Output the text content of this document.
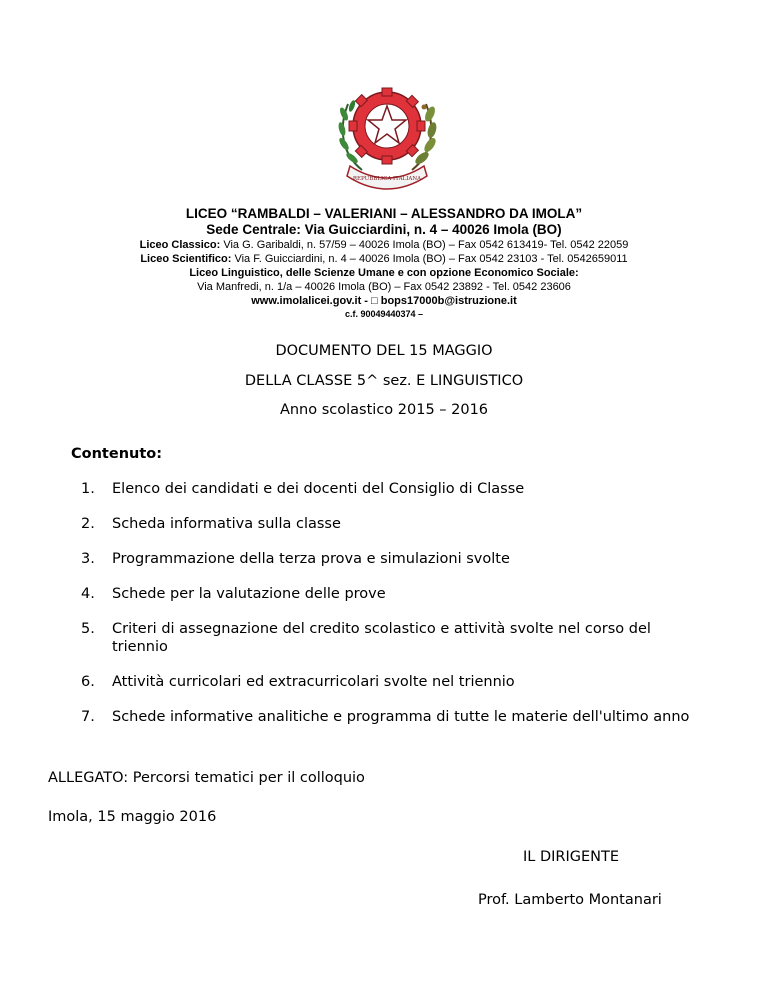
REPUBBLICA ITALIANA
LICEO “RAMBALDI – VALERIANI – ALESSANDRO DA IMOLA”
Sede Centrale: Via Guicciardini, n. 4 – 40026 Imola (BO)
Liceo Classico: Via G. Garibaldi, n. 57/59 – 40026 Imola (BO) – Fax 0542 613419- Tel. 0542 22059
Liceo Scientifico: Via F. Guicciardini, n. 4 – 40026 Imola (BO) – Fax 0542 23103 - Tel. 0542659011
Liceo Linguistico, delle Scienze Umane e con opzione Economico Sociale:
Via Manfredi, n. 1/a – 40026 Imola (BO) – Fax 0542 23892 - Tel. 0542 23606
www.imolalicei.gov.it - □ bops17000b@istruzione.it
c.f. 90049440374 –
DOCUMENTO DEL 15 MAGGIO
DELLA CLASSE 5^ sez. E LINGUISTICO
Anno scolastico 2015 – 2016
Contenuto:
1.	Elenco dei candidati e dei docenti del Consiglio di Classe
2.	Scheda informativa sulla classe
3.	Programmazione della terza prova e simulazioni svolte
4.	Schede per la valutazione delle prove
5.	Criteri di assegnazione del credito scolastico e attività svolte nel corso del triennio
6.	Attività curricolari ed extracurricolari svolte nel triennio
7.	Schede informative analitiche e programma di tutte le materie dell'ultimo anno
ALLEGATO: Percorsi tematici per il colloquio
Imola, 15 maggio 2016
IL DIRIGENTE
Prof. Lamberto Montanari
